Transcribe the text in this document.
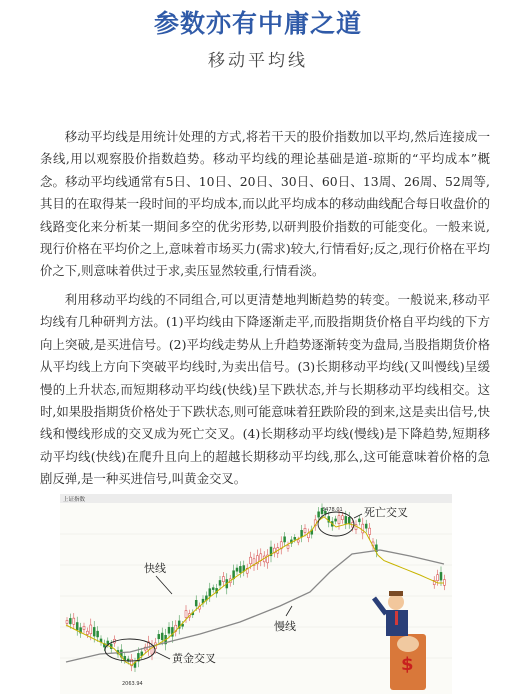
参数亦有中庸之道
移动平均线

移动平均线是用统计处理的方式,将若干天的股价指数加以平均,然后连接成一条线,用以观察股价指数趋势。移动平均线的理论基础是道-琼斯的“平均成本”概念。移动平均线通常有5日、10日、20日、30日、60日、13周、26周、52周等,其目的在取得某一段时间的平均成本,而以此平均成本的移动曲线配合每日收盘价的线路变化来分析某一期间多空的优劣形势,以研判股价指数的可能变化。一般来说,现行价格在平均价之上,意味着市场买力(需求)较大,行情看好;反之,现行价格在平均价之下,则意味着供过于求,卖压显然较重,行情看淡。

利用移动平均线的不同组合,可以更清楚地判断趋势的转变。一般说来,移动平均线有几种研判方法。(1)平均线由下降逐渐走平,而股指期货价格自平均线的下方向上突破,是买进信号。(2)平均线走势从上升趋势逐渐转变为盘局,当股指期货价格从平均线上方向下突破平均线时,为卖出信号。(3)长期移动平均线(又叫慢线)呈缓慢的上升状态,而短期移动平均线(快线)呈下跌状态,并与长期移动平均线相交。这时,如果股指期货价格处于下跌状态,则可能意味着狂跌阶段的到来,这是卖出信号,快线和慢线形成的交叉成为死亡交叉。(4)长期移动平均线(慢线)是下降趋势,短期移动平均线(快线)在爬升且向上的超越长期移动平均线,那么,这可能意味着价格的急剧反弹,是一种买进信号,叫黄金交叉。

上证指数
快线
慢线
黄金交叉
死亡交叉
2063.94
3478.01
$
